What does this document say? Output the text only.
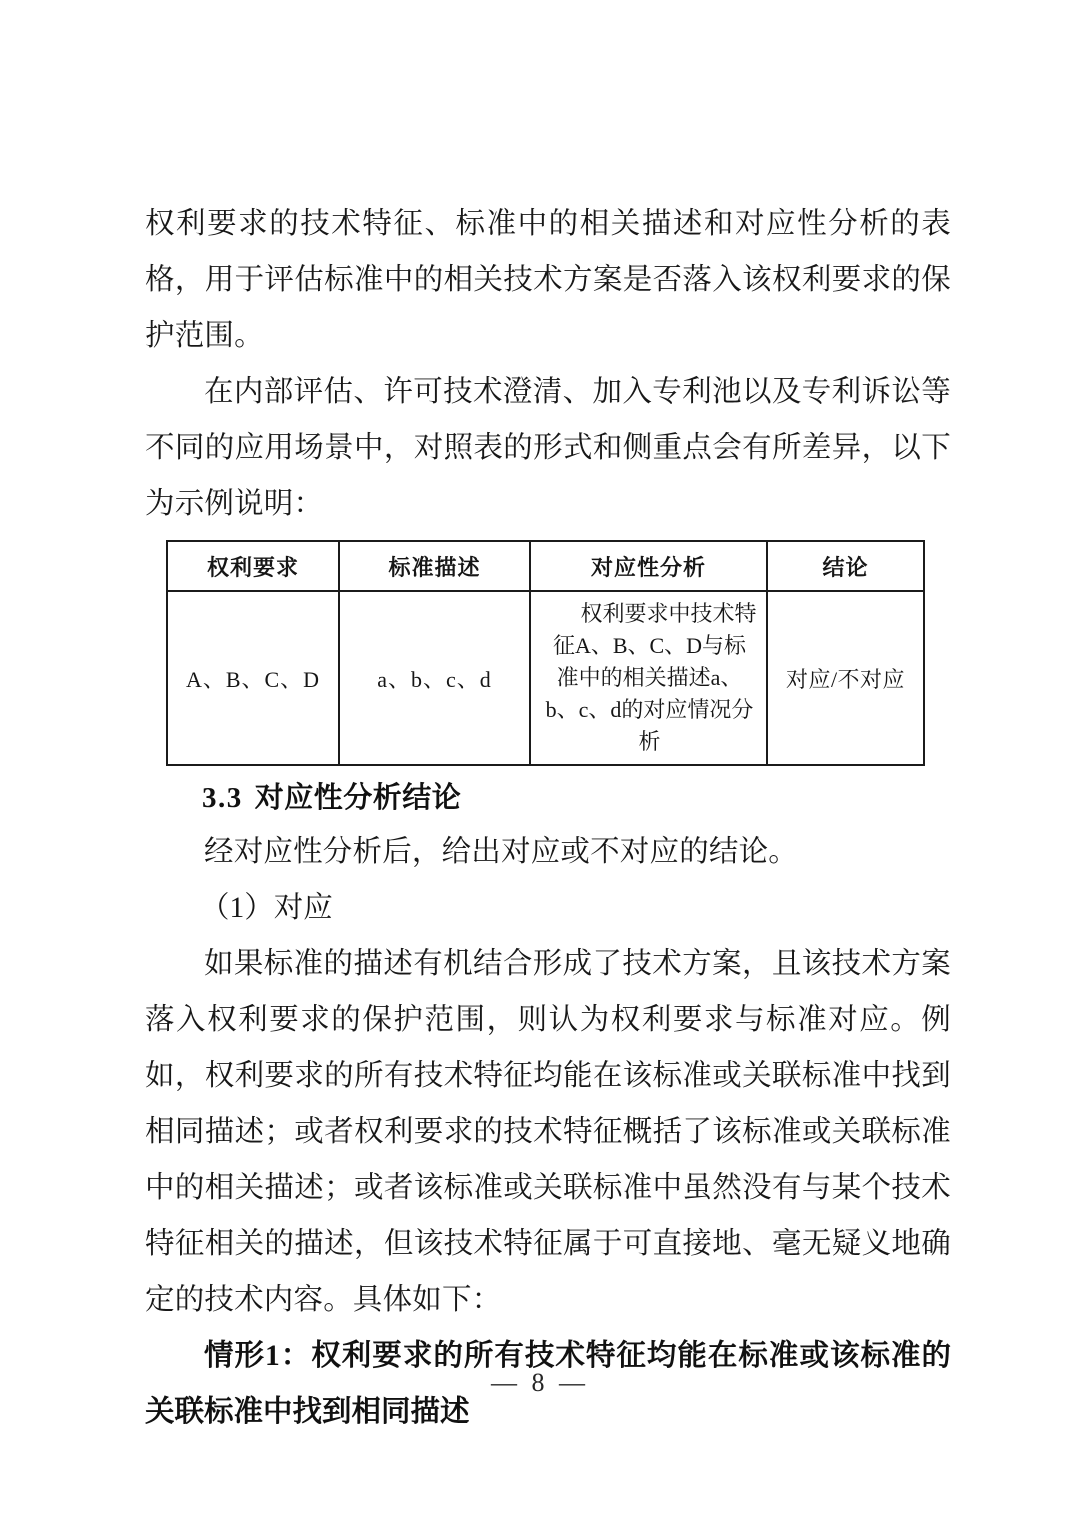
权利要求的技术特征、标准中的相关描述和对应性分析的表格，用于评估标准中的相关技术方案是否落入该权利要求的保护范围。

在内部评估、许可技术澄清、加入专利池以及专利诉讼等不同的应用场景中，对照表的形式和侧重点会有所差异，以下为示例说明：

权利要求	标准描述	对应性分析	结论
A、B、C、D	a、b、c、d	权利要求中技术特征A、B、C、D与标准中的相关描述a、b、c、d的对应情况分析	对应/不对应
3.3 对应性分析结论

经对应性分析后，给出对应或不对应的结论。

（1）对应

如果标准的描述有机结合形成了技术方案，且该技术方案落入权利要求的保护范围，则认为权利要求与标准对应。例如，权利要求的所有技术特征均能在该标准或关联标准中找到相同描述；或者权利要求的技术特征概括了该标准或关联标准中的相关描述；或者该标准或关联标准中虽然没有与某个技术特征相关的描述，但该技术特征属于可直接地、毫无疑义地确定的技术内容。具体如下：

情形1：权利要求的所有技术特征均能在标准或该标准的关联标准中找到相同描述

— 8 —
